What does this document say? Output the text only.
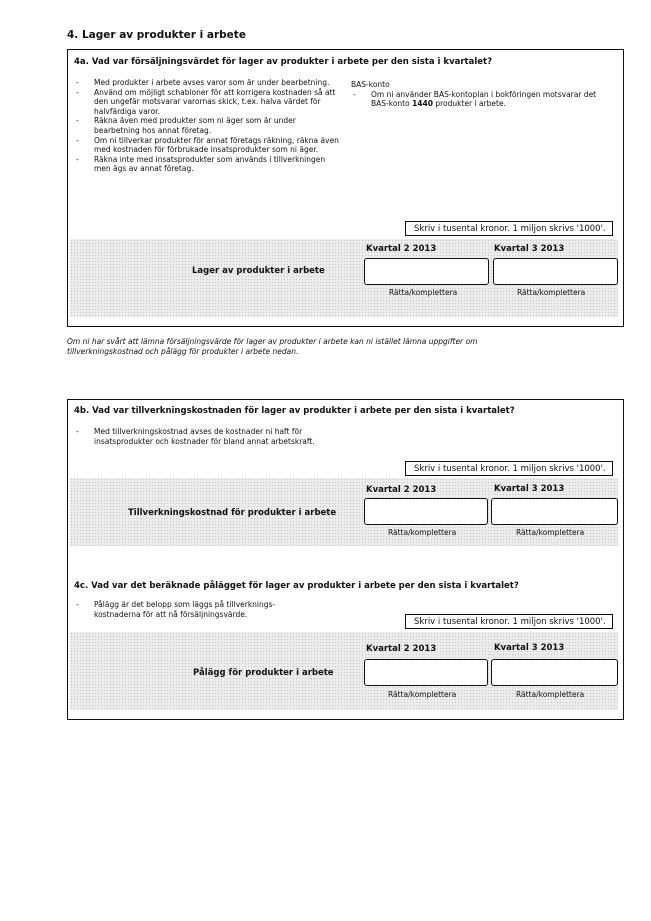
4. Lager av produkter i arbete
4a. Vad var försäljningsvärdet för lager av produkter i arbete per den sista i kvartalet?
- Med produkter i arbete avses varor som är under bearbetning.
- Använd om möjligt schabloner för att korrigera kostnaden så att den ungefär motsvarar varornas skick, t.ex. halva värdet för halvfärdiga varor.
- Räkna även med produkter som ni äger som är under bearbetning hos annat företag.
- Om ni tillverkar produkter för annat företags räkning, räkna även med kostnaden för förbrukade insatsprodukter som ni äger.
- Räkna inte med insatsprodukter som används i tillverkningen men ägs av annat företag.
BAS-konto
- Om ni använder BAS-kontoplan i bokföringen motsvarar det BAS-konto 1440 produkter i arbete.
Skriv i tusental kronor. 1 miljon skrivs '1000'.
Kvartal 2 2013	Kvartal 3 2013
Lager av produkter i arbete
Rätta/komplettera	Rätta/komplettera
Om ni har svårt att lämna försäljningsvärde för lager av produkter i arbete kan ni istället lämna uppgifter om tillverkningskostnad och pålägg för produkter i arbete nedan.
4b. Vad var tillverkningskostnaden för lager av produkter i arbete per den sista i kvartalet?
- Med tillverkningskostnad avses de kostnader ni haft för insatsprodukter och kostnader för bland annat arbetskraft.
Skriv i tusental kronor. 1 miljon skrivs '1000'.
Kvartal 2 2013	Kvartal 3 2013
Tillverkningskostnad för produkter i arbete
Rätta/komplettera	Rätta/komplettera
4c. Vad var det beräknade pålägget för lager av produkter i arbete per den sista i kvartalet?
- Pålägg är det belopp som läggs på tillverknings-kostnaderna för att nå försäljningsvärde.
Skriv i tusental kronor. 1 miljon skrivs '1000'.
Kvartal 2 2013	Kvartal 3 2013
Pålägg för produkter i arbete
Rätta/komplettera	Rätta/komplettera
